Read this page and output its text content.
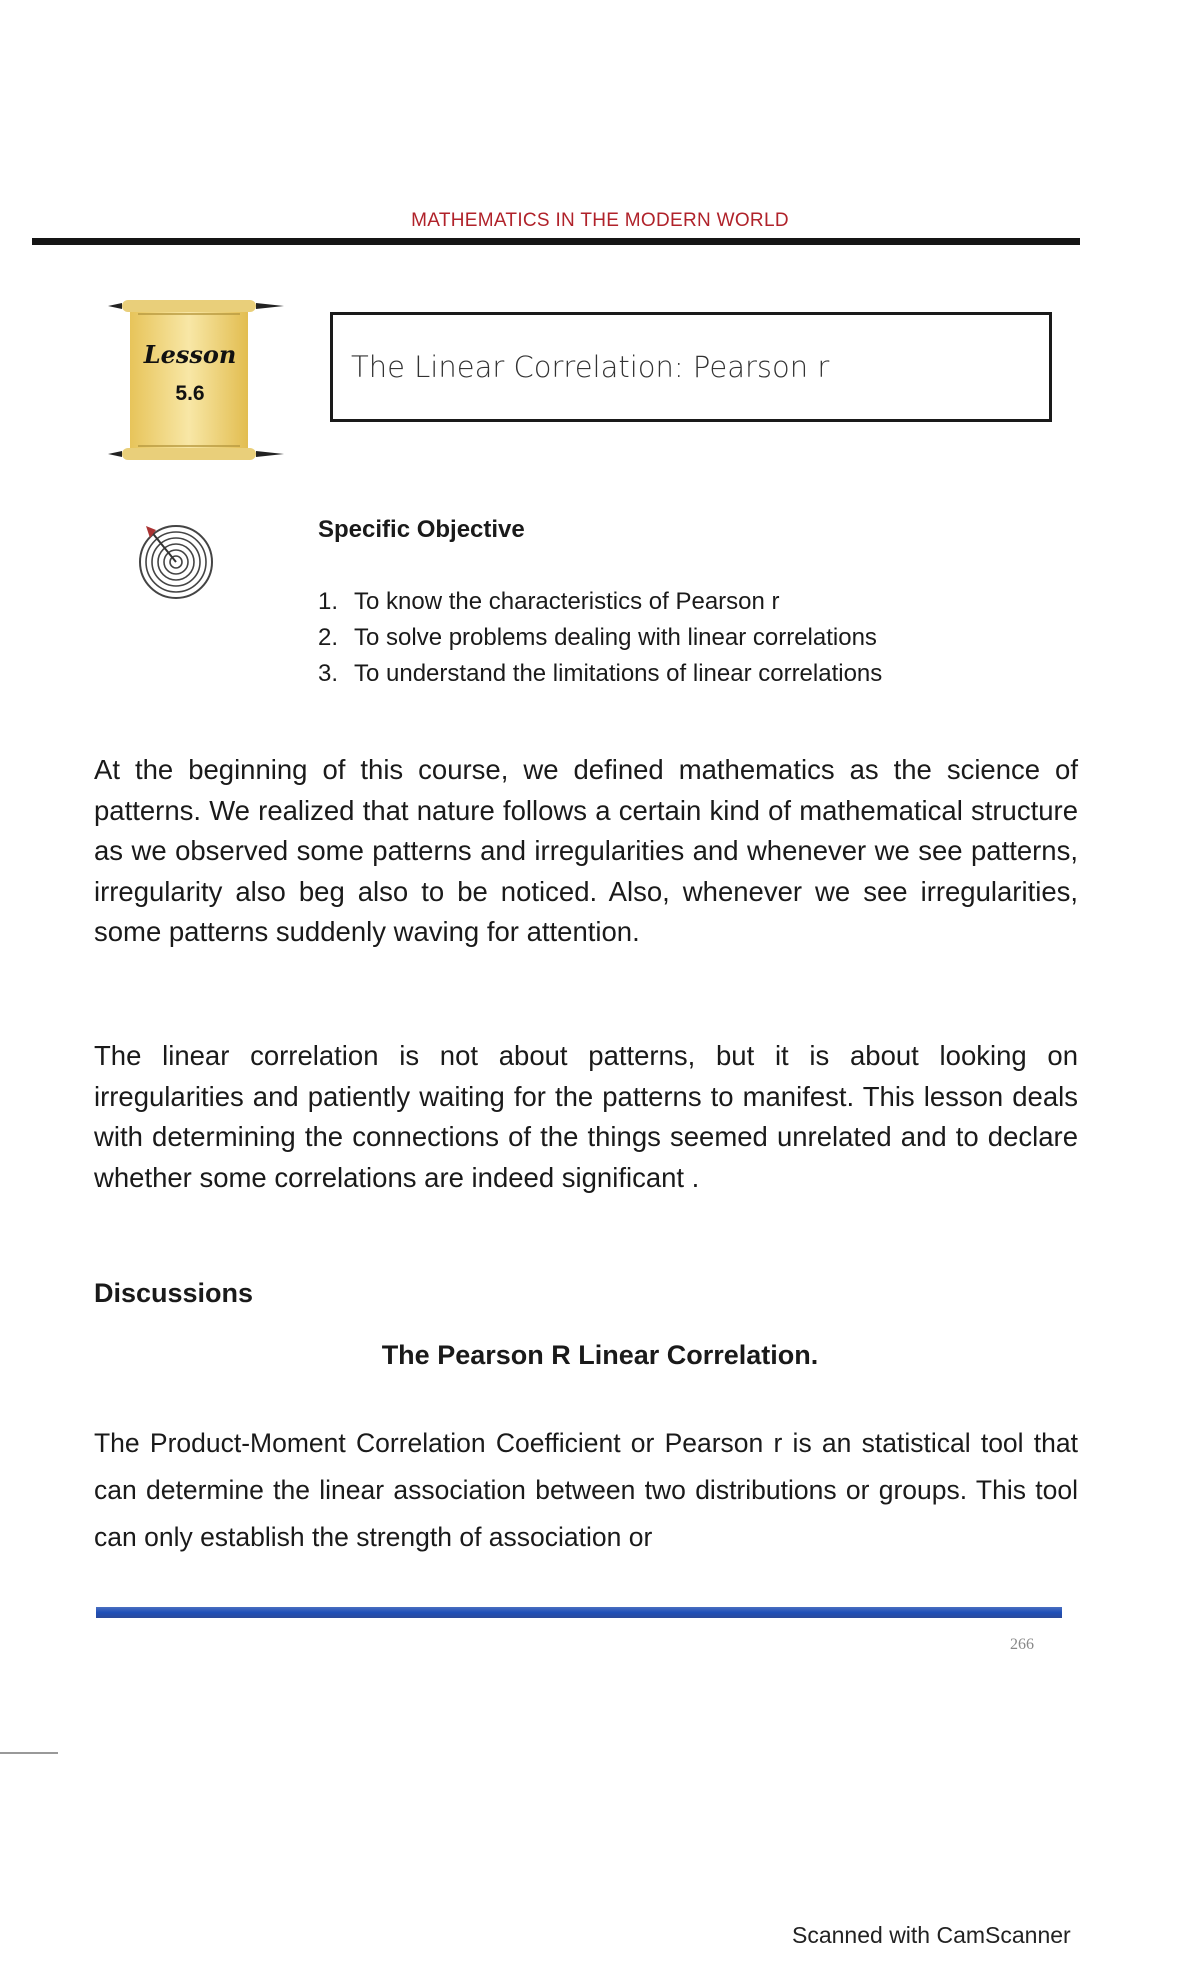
MATHEMATICS IN THE MODERN WORLD
Lesson
5.6
The Linear Correlation: Pearson r
Specific Objective
1. To know the characteristics of Pearson r
2. To solve problems dealing with linear correlations
3. To understand the limitations of linear correlations

At the beginning of this course, we defined mathematics as the science of patterns. We realized that nature follows a certain kind of mathematical structure as we observed some patterns and irregularities and whenever we see patterns, irregularity also beg also to be noticed. Also, whenever we see irregularities, some patterns suddenly waving for attention.

The linear correlation is not about patterns, but it is about looking on irregularities and patiently waiting for the patterns to manifest. This lesson deals with determining the connections of the things seemed unrelated and to declare whether some correlations are indeed significant .

Discussions
The Pearson R Linear Correlation.

The Product-Moment Correlation Coefficient or Pearson r is an statistical tool that can determine the linear association between two distributions or groups. This tool can only establish the strength of association or

266
Scanned with CamScanner
